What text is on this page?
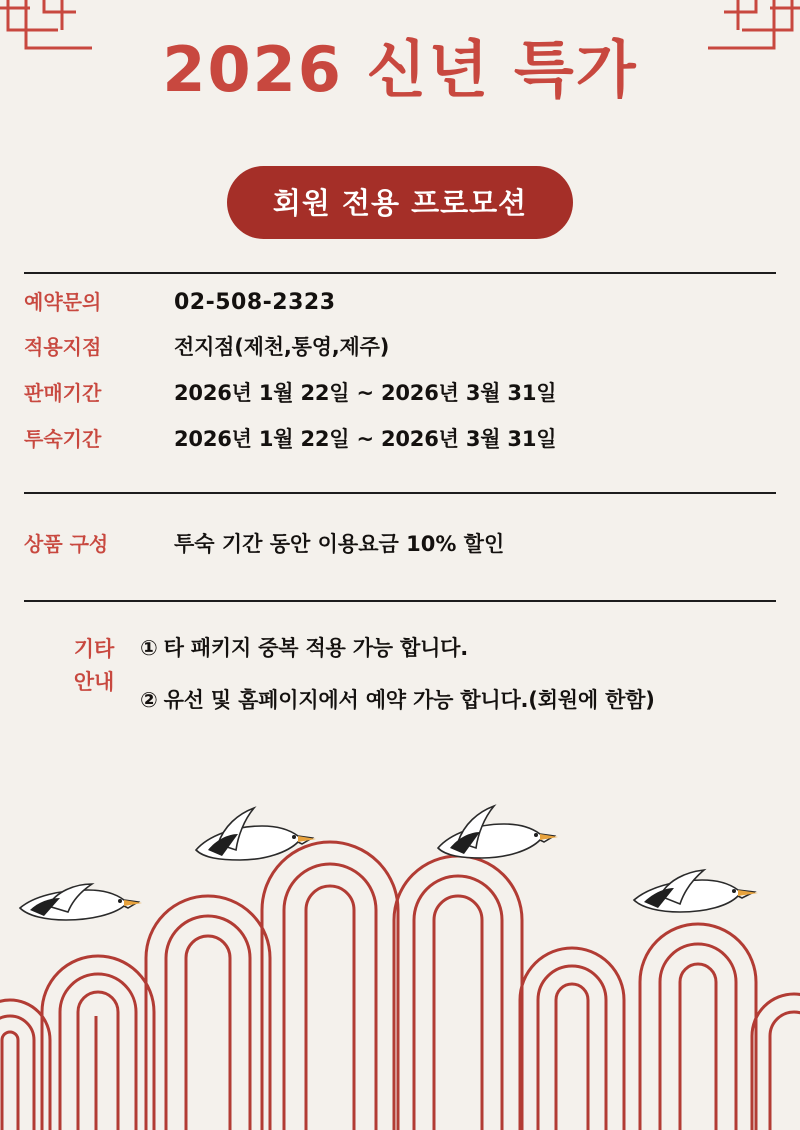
2026 신년 특가
회원 전용 프로모션
예약문의	02-508-2323
적용지점	전지점(제천,통영,제주)
판매기간	2026년 1월 22일 ~ 2026년 3월 31일
투숙기간	2026년 1월 22일 ~ 2026년 3월 31일
상품 구성	투숙 기간 동안 이용요금 10% 할인
기타
안내
① 타 패키지 중복 적용 가능 합니다.
② 유선 및 홈페이지에서 예약 가능 합니다.(회원에 한함)
